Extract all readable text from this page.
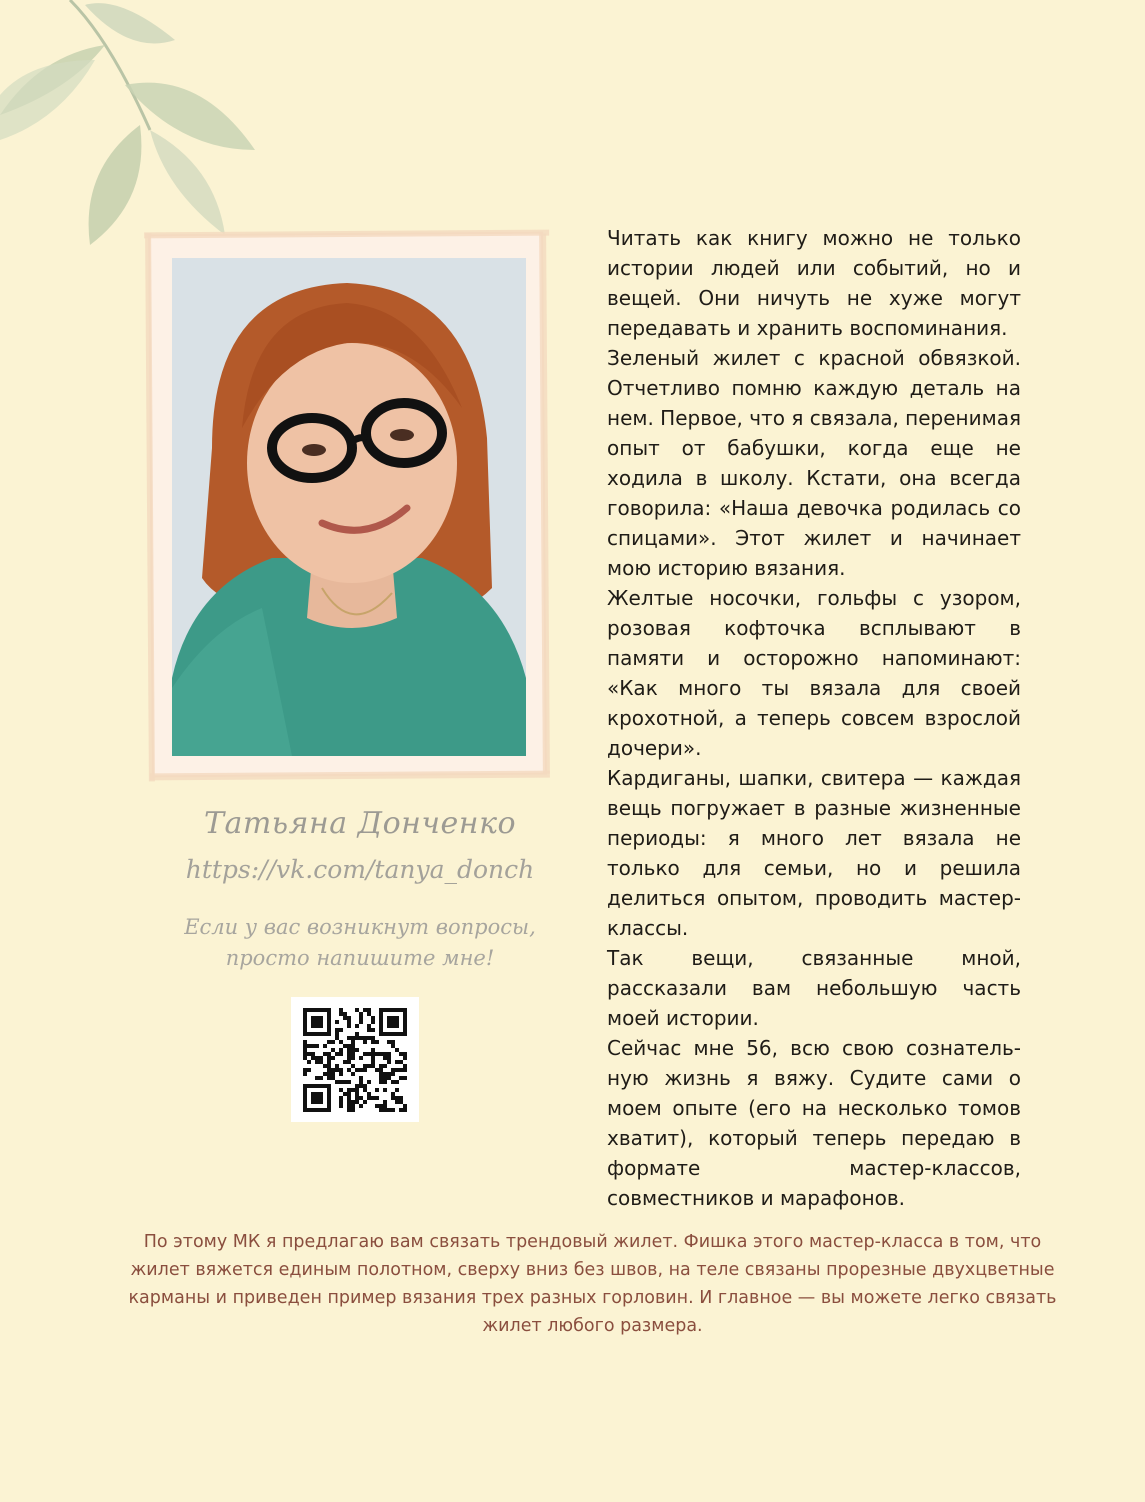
Татьяна Донченко
https://vk.com/tanya_donch
Если у вас возникнут вопросы,
просто напишите мне!

Читать как книгу можно не только истории людей или событий, но и вещей. Они ничуть не хуже могут передавать и хранить воспоминания.

Зеленый жилет с красной обвязкой. Отчетливо помню каждую деталь на нем. Первое, что я связала, перенимая опыт от бабушки, когда еще не ходила в школу. Кстати, она всегда говорила: «Наша девочка родилась со спицами». Этот жилет и начинает мою историю вязания.

Желтые носочки, гольфы с узором, розовая кофточка всплывают в памяти и осторожно напоминают: «Как много ты вязала для своей крохотной, а теперь совсем взрослой дочери».

Кардиганы, шапки, свитера — каждая вещь погружает в разные жизненные периоды: я много лет вязала не только для семьи, но и решила делиться опытом, проводить мастер-классы.

Так вещи, связанные мной, рассказали вам небольшую часть моей истории.

Сейчас мне 56, всю свою сознательную жизнь я вяжу. Судите сами о моем опыте (его на несколько томов хватит), который теперь передаю в формате мастер-классов, совместников и марафонов.

По этому МК я предлагаю вам связать трендовый жилет. Фишка этого мастер-класса в том, что жилет вяжется единым полотном, сверху вниз без швов, на теле связаны прорезные двухцветные карманы и приведен пример вязания трех разных горловин. И главное — вы можете легко связать жилет любого размера.
